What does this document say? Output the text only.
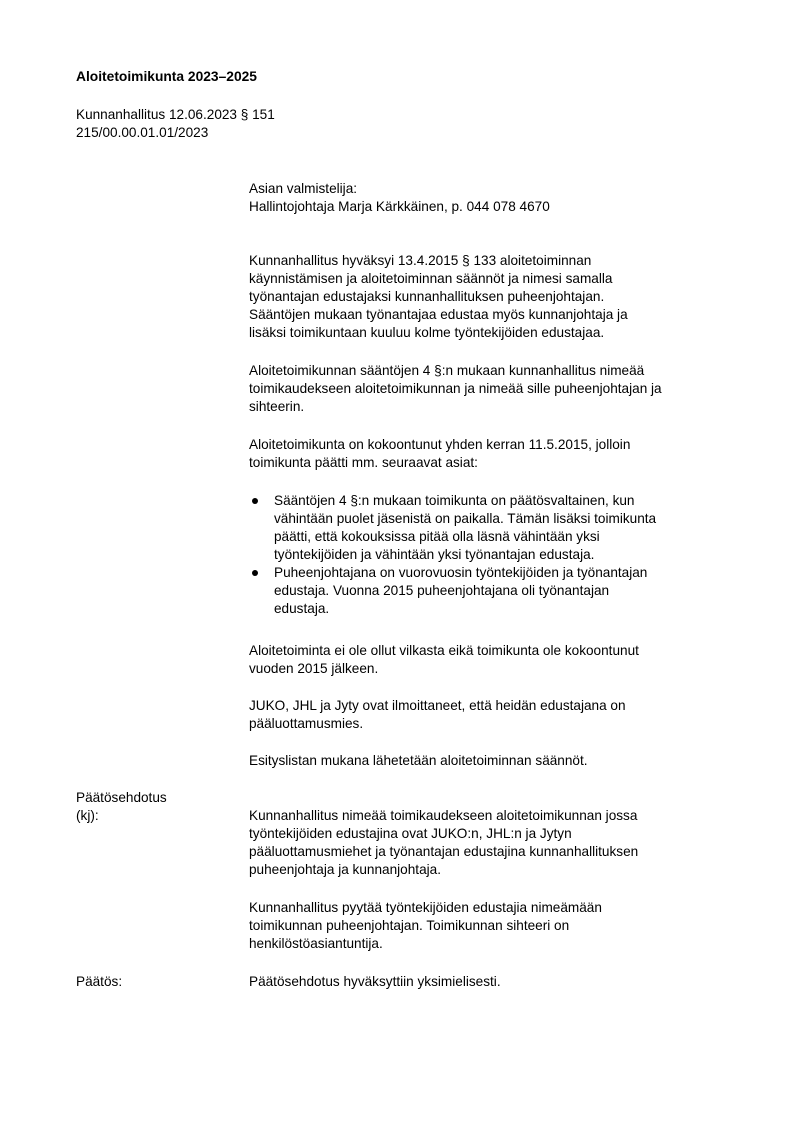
Aloitetoimikunta 2023–2025

Kunnanhallitus 12.06.2023 § 151

215/00.00.01.01/2023

Asian valmistelija:

Hallintojohtaja Marja Kärkkäinen, p. 044 078 4670

Kunnanhallitus hyväksyi 13.4.2015 § 133 aloitetoiminnan
käynnistämisen ja aloitetoiminnan säännöt ja nimesi samalla
työnantajan edustajaksi kunnanhallituksen puheenjohtajan.
Sääntöjen mukaan työnantajaa edustaa myös kunnanjohtaja ja
lisäksi toimikuntaan kuuluu kolme työntekijöiden edustajaa.
Aloitetoimikunnan sääntöjen 4 §:n mukaan kunnanhallitus nimeää
toimikaudekseen aloitetoimikunnan ja nimeää sille puheenjohtajan ja
sihteerin.
Aloitetoimikunta on kokoontunut yhden kerran 11.5.2015, jolloin
toimikunta päätti mm. seuraavat asiat:
Sääntöjen 4 §:n mukaan toimikunta on päätösvaltainen, kun
vähintään puolet jäsenistä on paikalla. Tämän lisäksi toimikunta
päätti, että kokouksissa pitää olla läsnä vähintään yksi
työntekijöiden ja vähintään yksi työnantajan edustaja.
Puheenjohtajana on vuorovuosin työntekijöiden ja työnantajan
edustaja. Vuonna 2015 puheenjohtajana oli työnantajan
edustaja.
Aloitetoiminta ei ole ollut vilkasta eikä toimikunta ole kokoontunut
vuoden 2015 jälkeen.
JUKO, JHL ja Jyty ovat ilmoittaneet, että heidän edustajana on
pääluottamusmies.
Esityslistan mukana lähetetään aloitetoiminnan säännöt.

Päätösehdotus

(kj):	Kunnanhallitus nimeää toimikaudekseen aloitetoimikunnan jossa
työntekijöiden edustajina ovat JUKO:n, JHL:n ja Jytyn
pääluottamusmiehet ja työnantajan edustajina kunnanhallituksen
puheenjohtaja ja kunnanjohtaja.
Kunnanhallitus pyytää työntekijöiden edustajia nimeämään
toimikunnan puheenjohtajan. Toimikunnan sihteeri on
henkilöstöasiantuntija.

Päätös:	Päätösehdotus hyväksyttiin yksimielisesti.
